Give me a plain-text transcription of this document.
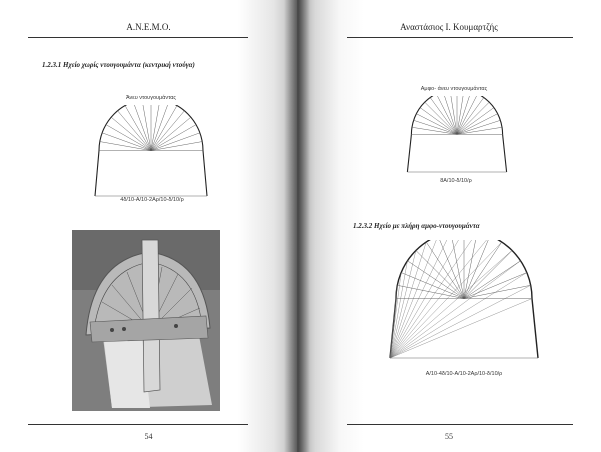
Α.Ν.Ε.Μ.Ο.
1.2.3.1 Ηχείο χωρίς ντουγουμάντα (κεντρική ντούγα)
Άνευ ντουγουμάντας
4δ/10-Α/10-2Αρ/10-δ/10/ρ
54
Αναστάσιος Ι. Κουμαρτζής
Αμφο- άνευ ντουγουμάντας
8Α/10-δ/10/ρ
1.2.3.2 Ηχείο με πλήρη αμφο-ντουγουμάντα
Α/10-4δ/10-Α/10-2Αρ/10-δ/10/ρ
55
